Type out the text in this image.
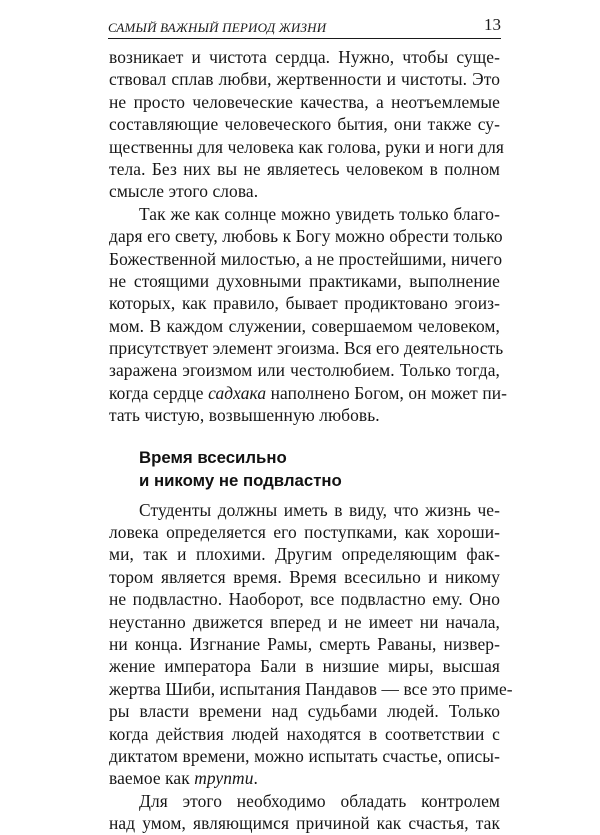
САМЫЙ ВАЖНЫЙ ПЕРИОД ЖИЗНИ	13
возникает и чистота сердца. Нужно, чтобы суще-
ствовал сплав любви, жертвенности и чистоты. Это
не просто человеческие качества, а неотъемлемые
составляющие человеческого бытия, они также су-
щественны для человека как голова, руки и ноги для
тела. Без них вы не являетесь человеком в полном
смысле этого слова.
Так же как солнце можно увидеть только благо-
даря его свету, любовь к Богу можно обрести только
Божественной милостью, а не простейшими, ничего
не стоящими духовными практиками, выполнение
которых, как правило, бывает продиктовано эгоиз-
мом. В каждом служении, совершаемом человеком,
присутствует элемент эгоизма. Вся его деятельность
заражена эгоизмом или честолюбием. Только тогда,
когда сердце садхака наполнено Богом, он может пи-
тать чистую, возвышенную любовь.
Время всесильно
и никому не подвластно
Студенты должны иметь в виду, что жизнь че-
ловека определяется его поступками, как хороши-
ми, так и плохими. Другим определяющим фак-
тором является время. Время всесильно и никому
не подвластно. Наоборот, все подвластно ему. Оно
неустанно движется вперед и не имеет ни начала,
ни конца. Изгнание Рамы, смерть Раваны, низвер-
жение императора Бали в низшие миры, высшая
жертва Шиби, испытания Пандавов — все это приме-
ры власти времени над судьбами людей. Только
когда действия людей находятся в соответствии с
диктатом времени, можно испытать счастье, описы-
ваемое как трупти.
Для этого необходимо обладать контролем
над умом, являющимся причиной как счастья, так
